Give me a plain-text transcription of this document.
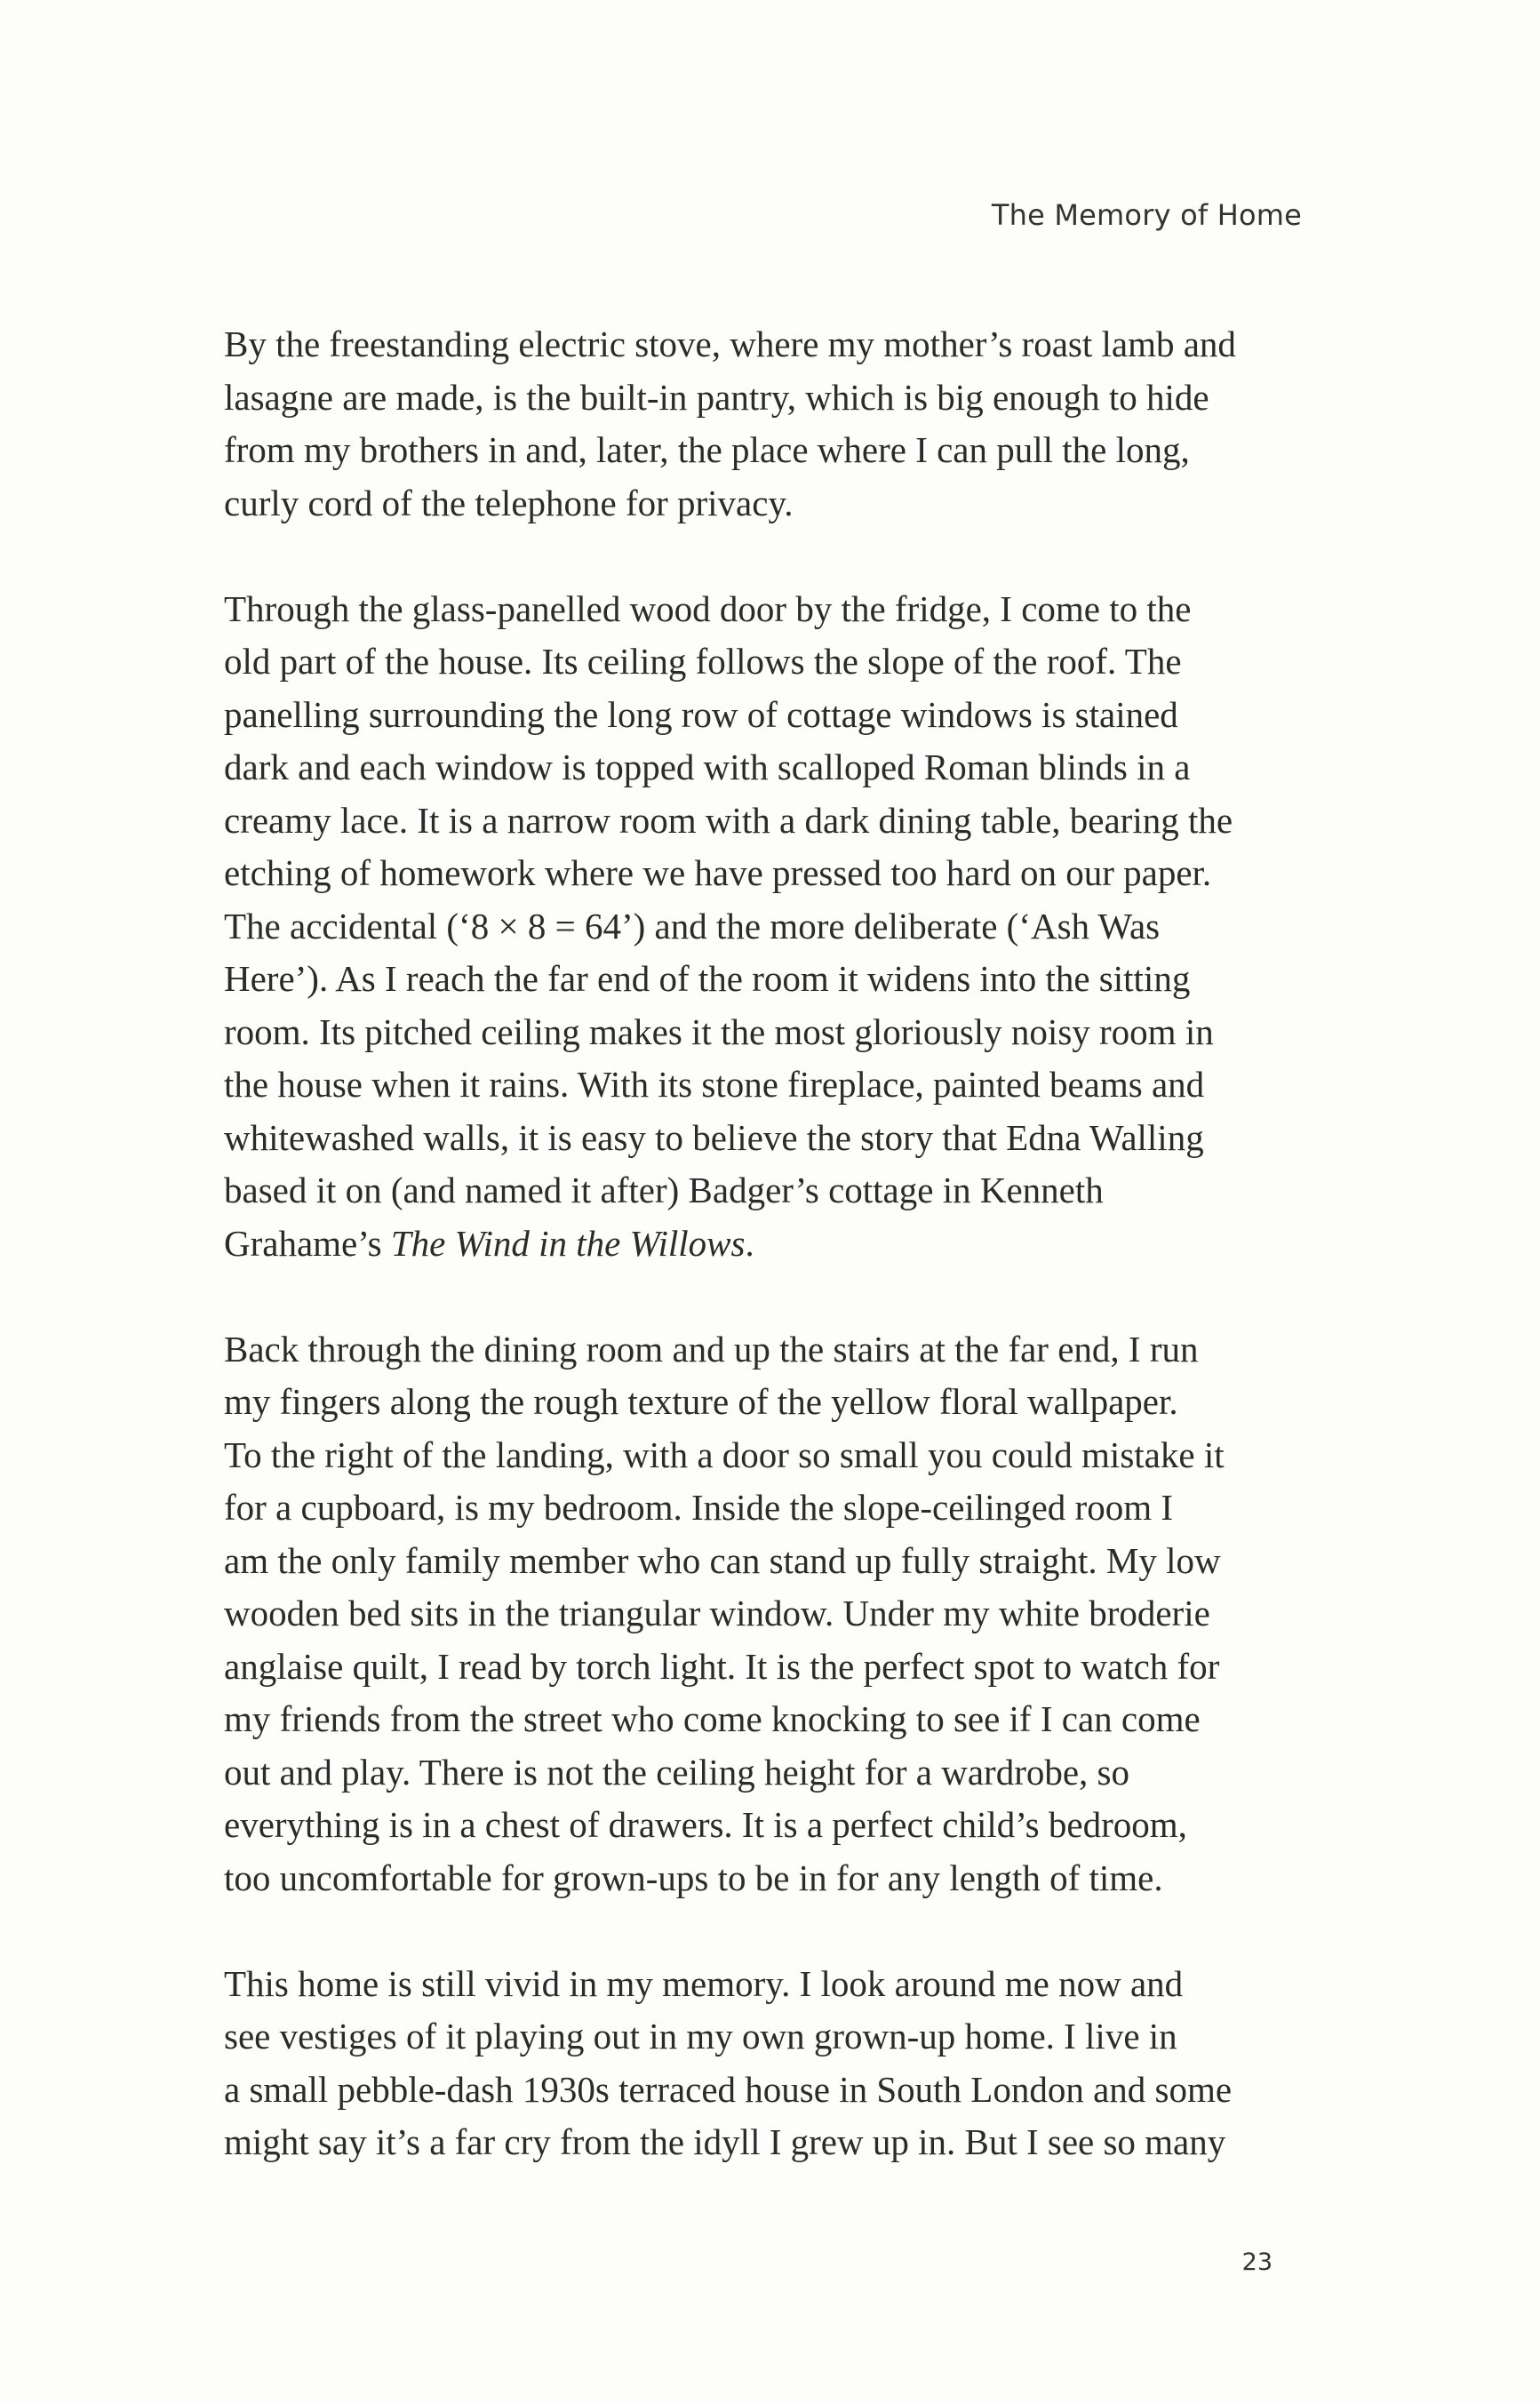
The Memory of Home

By the freestanding electric stove, where my mother’s roast lamb and
lasagne are made, is the built-in pantry, which is big enough to hide
from my brothers in and, later, the place where I can pull the long,
curly cord of the telephone for privacy.

Through the glass-panelled wood door by the fridge, I come to the
old part of the house. Its ceiling follows the slope of the roof. The
panelling surrounding the long row of cottage windows is stained
dark and each window is topped with scalloped Roman blinds in a
creamy lace. It is a narrow room with a dark dining table, bearing the
etching of homework where we have pressed too hard on our paper.
The accidental (‘8 × 8 = 64’) and the more deliberate (‘Ash Was
Here’). As I reach the far end of the room it widens into the sitting
room. Its pitched ceiling makes it the most gloriously noisy room in
the house when it rains. With its stone fireplace, painted beams and
whitewashed walls, it is easy to believe the story that Edna Walling
based it on (and named it after) Badger’s cottage in Kenneth
Grahame’s The Wind in the Willows.

Back through the dining room and up the stairs at the far end, I run
my fingers along the rough texture of the yellow floral wallpaper.
To the right of the landing, with a door so small you could mistake it
for a cupboard, is my bedroom. Inside the slope-ceilinged room I
am the only family member who can stand up fully straight. My low
wooden bed sits in the triangular window. Under my white broderie
anglaise quilt, I read by torch light. It is the perfect spot to watch for
my friends from the street who come knocking to see if I can come
out and play. There is not the ceiling height for a wardrobe, so
everything is in a chest of drawers. It is a perfect child’s bedroom,
too uncomfortable for grown-ups to be in for any length of time.

This home is still vivid in my memory. I look around me now and
see vestiges of it playing out in my own grown-up home. I live in
a small pebble-dash 1930s terraced house in South London and some
might say it’s a far cry from the idyll I grew up in. But I see so many

23
